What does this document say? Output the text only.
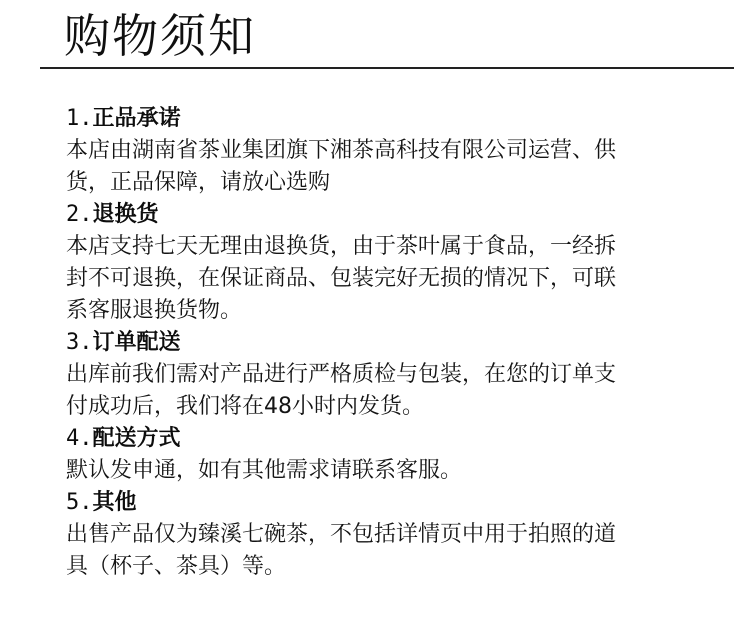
购物须知
1.正品承诺
本店由湖南省茶业集团旗下湘茶高科技有限公司运营、供
货，正品保障，请放心选购
2.退换货
本店支持七天无理由退换货，由于茶叶属于食品，一经拆
封不可退换，在保证商品、包装完好无损的情况下，可联
系客服退换货物。
3.订单配送
出库前我们需对产品进行严格质检与包装，在您的订单支
付成功后，我们将在48小时内发货。
4.配送方式
默认发申通，如有其他需求请联系客服。
5.其他
出售产品仅为臻溪七碗茶，不包括详情页中用于拍照的道
具（杯子、茶具）等。
